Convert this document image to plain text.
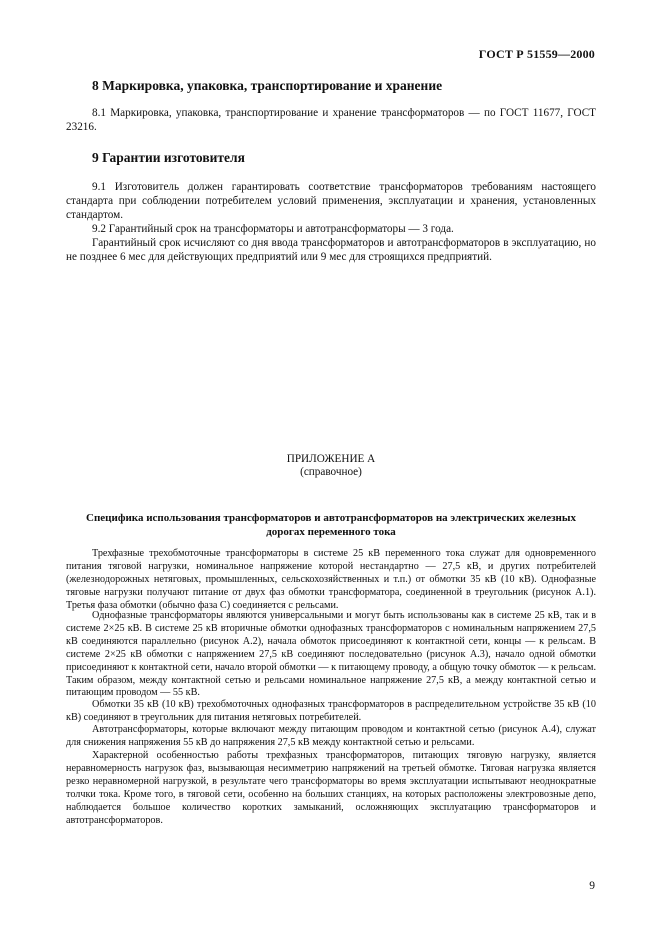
ГОСТ Р 51559—2000
8 Маркировка, упаковка, транспортирование и хранение
8.1 Маркировка, упаковка, транспортирование и хранение трансформаторов — по ГОСТ 11677, ГОСТ 23216.
9 Гарантии изготовителя
9.1 Изготовитель должен гарантировать соответствие трансформаторов требованиям настоящего стандарта при соблюдении потребителем условий применения, эксплуатации и хранения, установленных стандартом.
9.2 Гарантийный срок на трансформаторы и автотрансформаторы — 3 года.
Гарантийный срок исчисляют со дня ввода трансформаторов и автотрансформаторов в эксплуатацию, но не позднее 6 мес для действующих предприятий или 9 мес для строящихся предприятий.
ПРИЛОЖЕНИЕ А
(справочное)
Специфика использования трансформаторов и автотрансформаторов на электрических железных дорогах переменного тока
Трехфазные трехобмоточные трансформаторы в системе 25 кВ переменного тока служат для одновременного питания тяговой нагрузки, номинальное напряжение которой нестандартно — 27,5 кВ, и других потребителей (железнодорожных нетяговых, промышленных, сельскохозяйственных и т.п.) от обмотки 35 кВ (10 кВ). Однофазные тяговые нагрузки получают питание от двух фаз обмотки трансформатора, соединенной в треугольник (рисунок А.1). Третья фаза обмотки (обычно фаза С) соединяется с рельсами.
Однофазные трансформаторы являются универсальными и могут быть использованы как в системе 25 кВ, так и в системе 2×25 кВ. В системе 25 кВ вторичные обмотки однофазных трансформаторов с номинальным напряжением 27,5 кВ соединяются параллельно (рисунок А.2), начала обмоток присоединяют к контактной сети, концы — к рельсам. В системе 2×25 кВ обмотки с напряжением 27,5 кВ соединяют последовательно (рисунок А.3), начало одной обмотки присоединяют к контактной сети, начало второй обмотки — к питающему проводу, а общую точку обмоток — к рельсам. Таким образом, между контактной сетью и рельсами номинальное напряжение 27,5 кВ, а между контактной сетью и питающим проводом — 55 кВ.
Обмотки 35 кВ (10 кВ) трехобмоточных однофазных трансформаторов в распределительном устройстве 35 кВ (10 кВ) соединяют в треугольник для питания нетяговых потребителей.
Автотрансформаторы, которые включают между питающим проводом и контактной сетью (рисунок А.4), служат для снижения напряжения 55 кВ до напряжения 27,5 кВ между контактной сетью и рельсами.
Характерной особенностью работы трехфазных трансформаторов, питающих тяговую нагрузку, является неравномерность нагрузок фаз, вызывающая несимметрию напряжений на третьей обмотке. Тяговая нагрузка является резко неравномерной нагрузкой, в результате чего трансформаторы во время эксплуатации испытывают неоднократные толчки тока. Кроме того, в тяговой сети, особенно на больших станциях, на которых расположены электровозные депо, наблюдается большое количество коротких замыканий, осложняющих эксплуатацию трансформаторов и автотрансформаторов.
9
